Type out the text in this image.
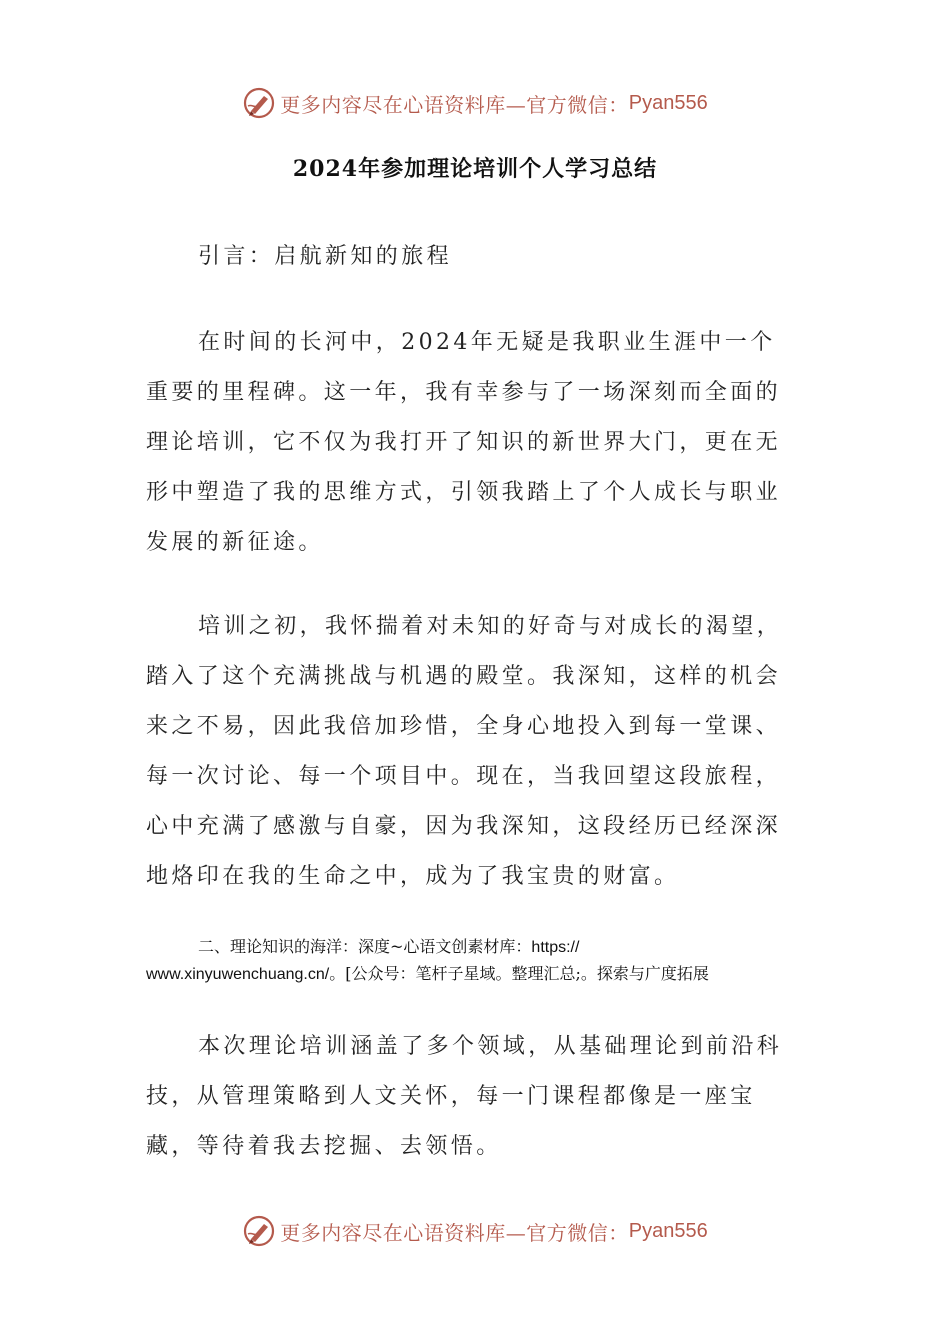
更多内容尽在心语资料库—官方微信： Pyan556
2024年参加理论培训个人学习总结

引言：启航新知的旅程

在时间的长河中，2024年无疑是我职业生涯中一个重要的里程碑。这一年，我有幸参与了一场深刻而全面的理论培训，它不仅为我打开了知识的新世界大门，更在无形中塑造了我的思维方式，引领我踏上了个人成长与职业发展的新征途。

培训之初，我怀揣着对未知的好奇与对成长的渴望，踏入了这个充满挑战与机遇的殿堂。我深知，这样的机会来之不易，因此我倍加珍惜，全身心地投入到每一堂课、每一次讨论、每一个项目中。现在，当我回望这段旅程，心中充满了感激与自豪，因为我深知，这段经历已经深深地烙印在我的生命之中，成为了我宝贵的财富。

二、理论知识的海洋：深度~心语文创素材库：https://
www.xinyuwenchuang.cn/。[公众号：笔杆子星域。整理汇总;。探索与广度拓展

本次理论培训涵盖了多个领域，从基础理论到前沿科技，从管理策略到人文关怀，每一门课程都像是一座宝藏，等待着我去挖掘、去领悟。

更多内容尽在心语资料库—官方微信： Pyan556
